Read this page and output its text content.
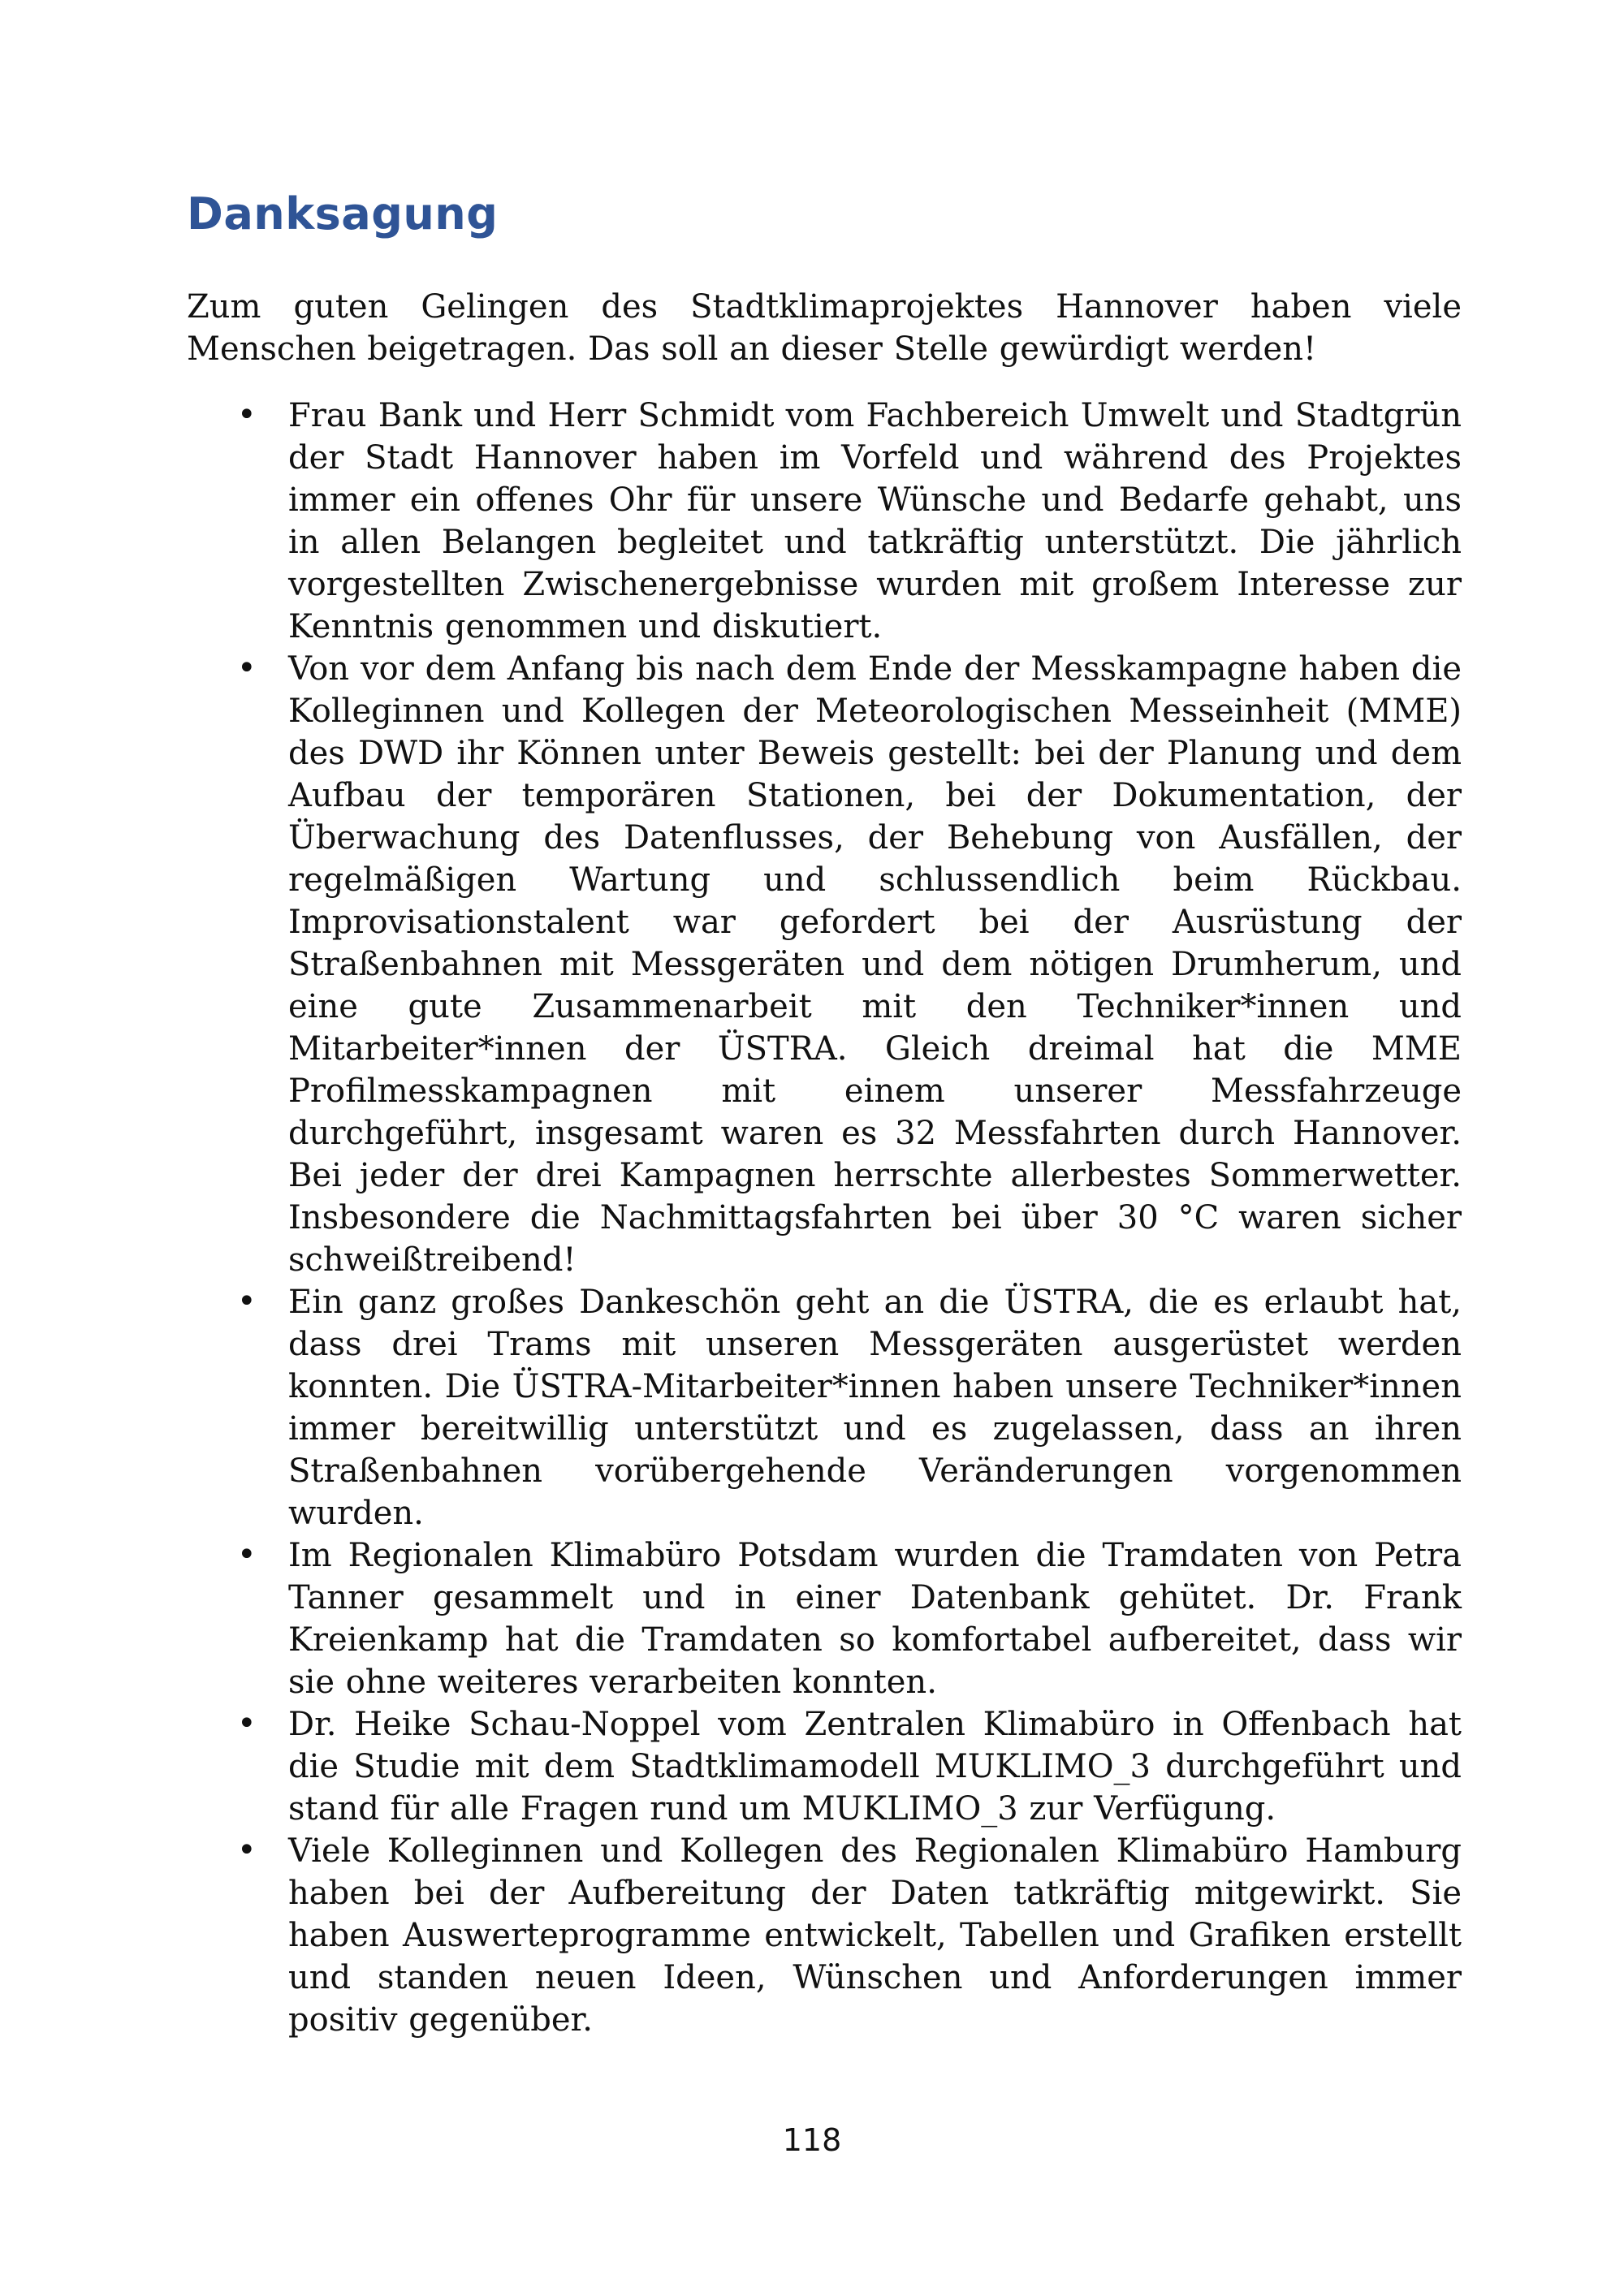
Danksagung

Zum guten Gelingen des Stadtklimaprojektes Hannover haben viele Menschen beigetragen. Das soll an dieser Stelle gewürdigt werden!

• Frau Bank und Herr Schmidt vom Fachbereich Umwelt und Stadtgrün der Stadt Hannover haben im Vorfeld und während des Projektes immer ein offenes Ohr für unsere Wünsche und Bedarfe gehabt, uns in allen Belangen begleitet und tatkräftig unterstützt. Die jährlich vorgestellten Zwischenergebnisse wurden mit großem Interesse zur Kenntnis genommen und diskutiert.
• Von vor dem Anfang bis nach dem Ende der Messkampagne haben die Kolleginnen und Kollegen der Meteorologischen Messeinheit (MME) des DWD ihr Können unter Beweis gestellt: bei der Planung und dem Aufbau der temporären Stationen, bei der Dokumentation, der Überwachung des Datenflusses, der Behebung von Ausfällen, der regelmäßigen Wartung und schlussendlich beim Rückbau. Improvisationstalent war gefordert bei der Ausrüstung der Straßenbahnen mit Messgeräten und dem nötigen Drumherum, und eine gute Zusammenarbeit mit den Techniker*innen und Mitarbeiter*innen der ÜSTRA. Gleich dreimal hat die MME Profilmesskampagnen mit einem unserer Messfahrzeuge durchgeführt, insgesamt waren es 32 Messfahrten durch Hannover. Bei jeder der drei Kampagnen herrschte allerbestes Sommerwetter. Insbesondere die Nachmittagsfahrten bei über 30 °C waren sicher schweißtreibend!
• Ein ganz großes Dankeschön geht an die ÜSTRA, die es erlaubt hat, dass drei Trams mit unseren Messgeräten ausgerüstet werden konnten. Die ÜSTRA-Mitarbeiter*innen haben unsere Techniker*innen immer bereitwillig unterstützt und es zugelassen, dass an ihren Straßenbahnen vorübergehende Veränderungen vorgenommen wurden.
• Im Regionalen Klimabüro Potsdam wurden die Tramdaten von Petra Tanner gesammelt und in einer Datenbank gehütet. Dr. Frank Kreienkamp hat die Tramdaten so komfortabel aufbereitet, dass wir sie ohne weiteres verarbeiten konnten.
• Dr. Heike Schau-Noppel vom Zentralen Klimabüro in Offenbach hat die Studie mit dem Stadtklimamodell MUKLIMO_3 durchgeführt und stand für alle Fragen rund um MUKLIMO_3 zur Verfügung.
• Viele Kolleginnen und Kollegen des Regionalen Klimabüro Hamburg haben bei der Aufbereitung der Daten tatkräftig mitgewirkt. Sie haben Auswerteprogramme entwickelt, Tabellen und Grafiken erstellt und standen neuen Ideen, Wünschen und Anforderungen immer positiv gegenüber.
118
